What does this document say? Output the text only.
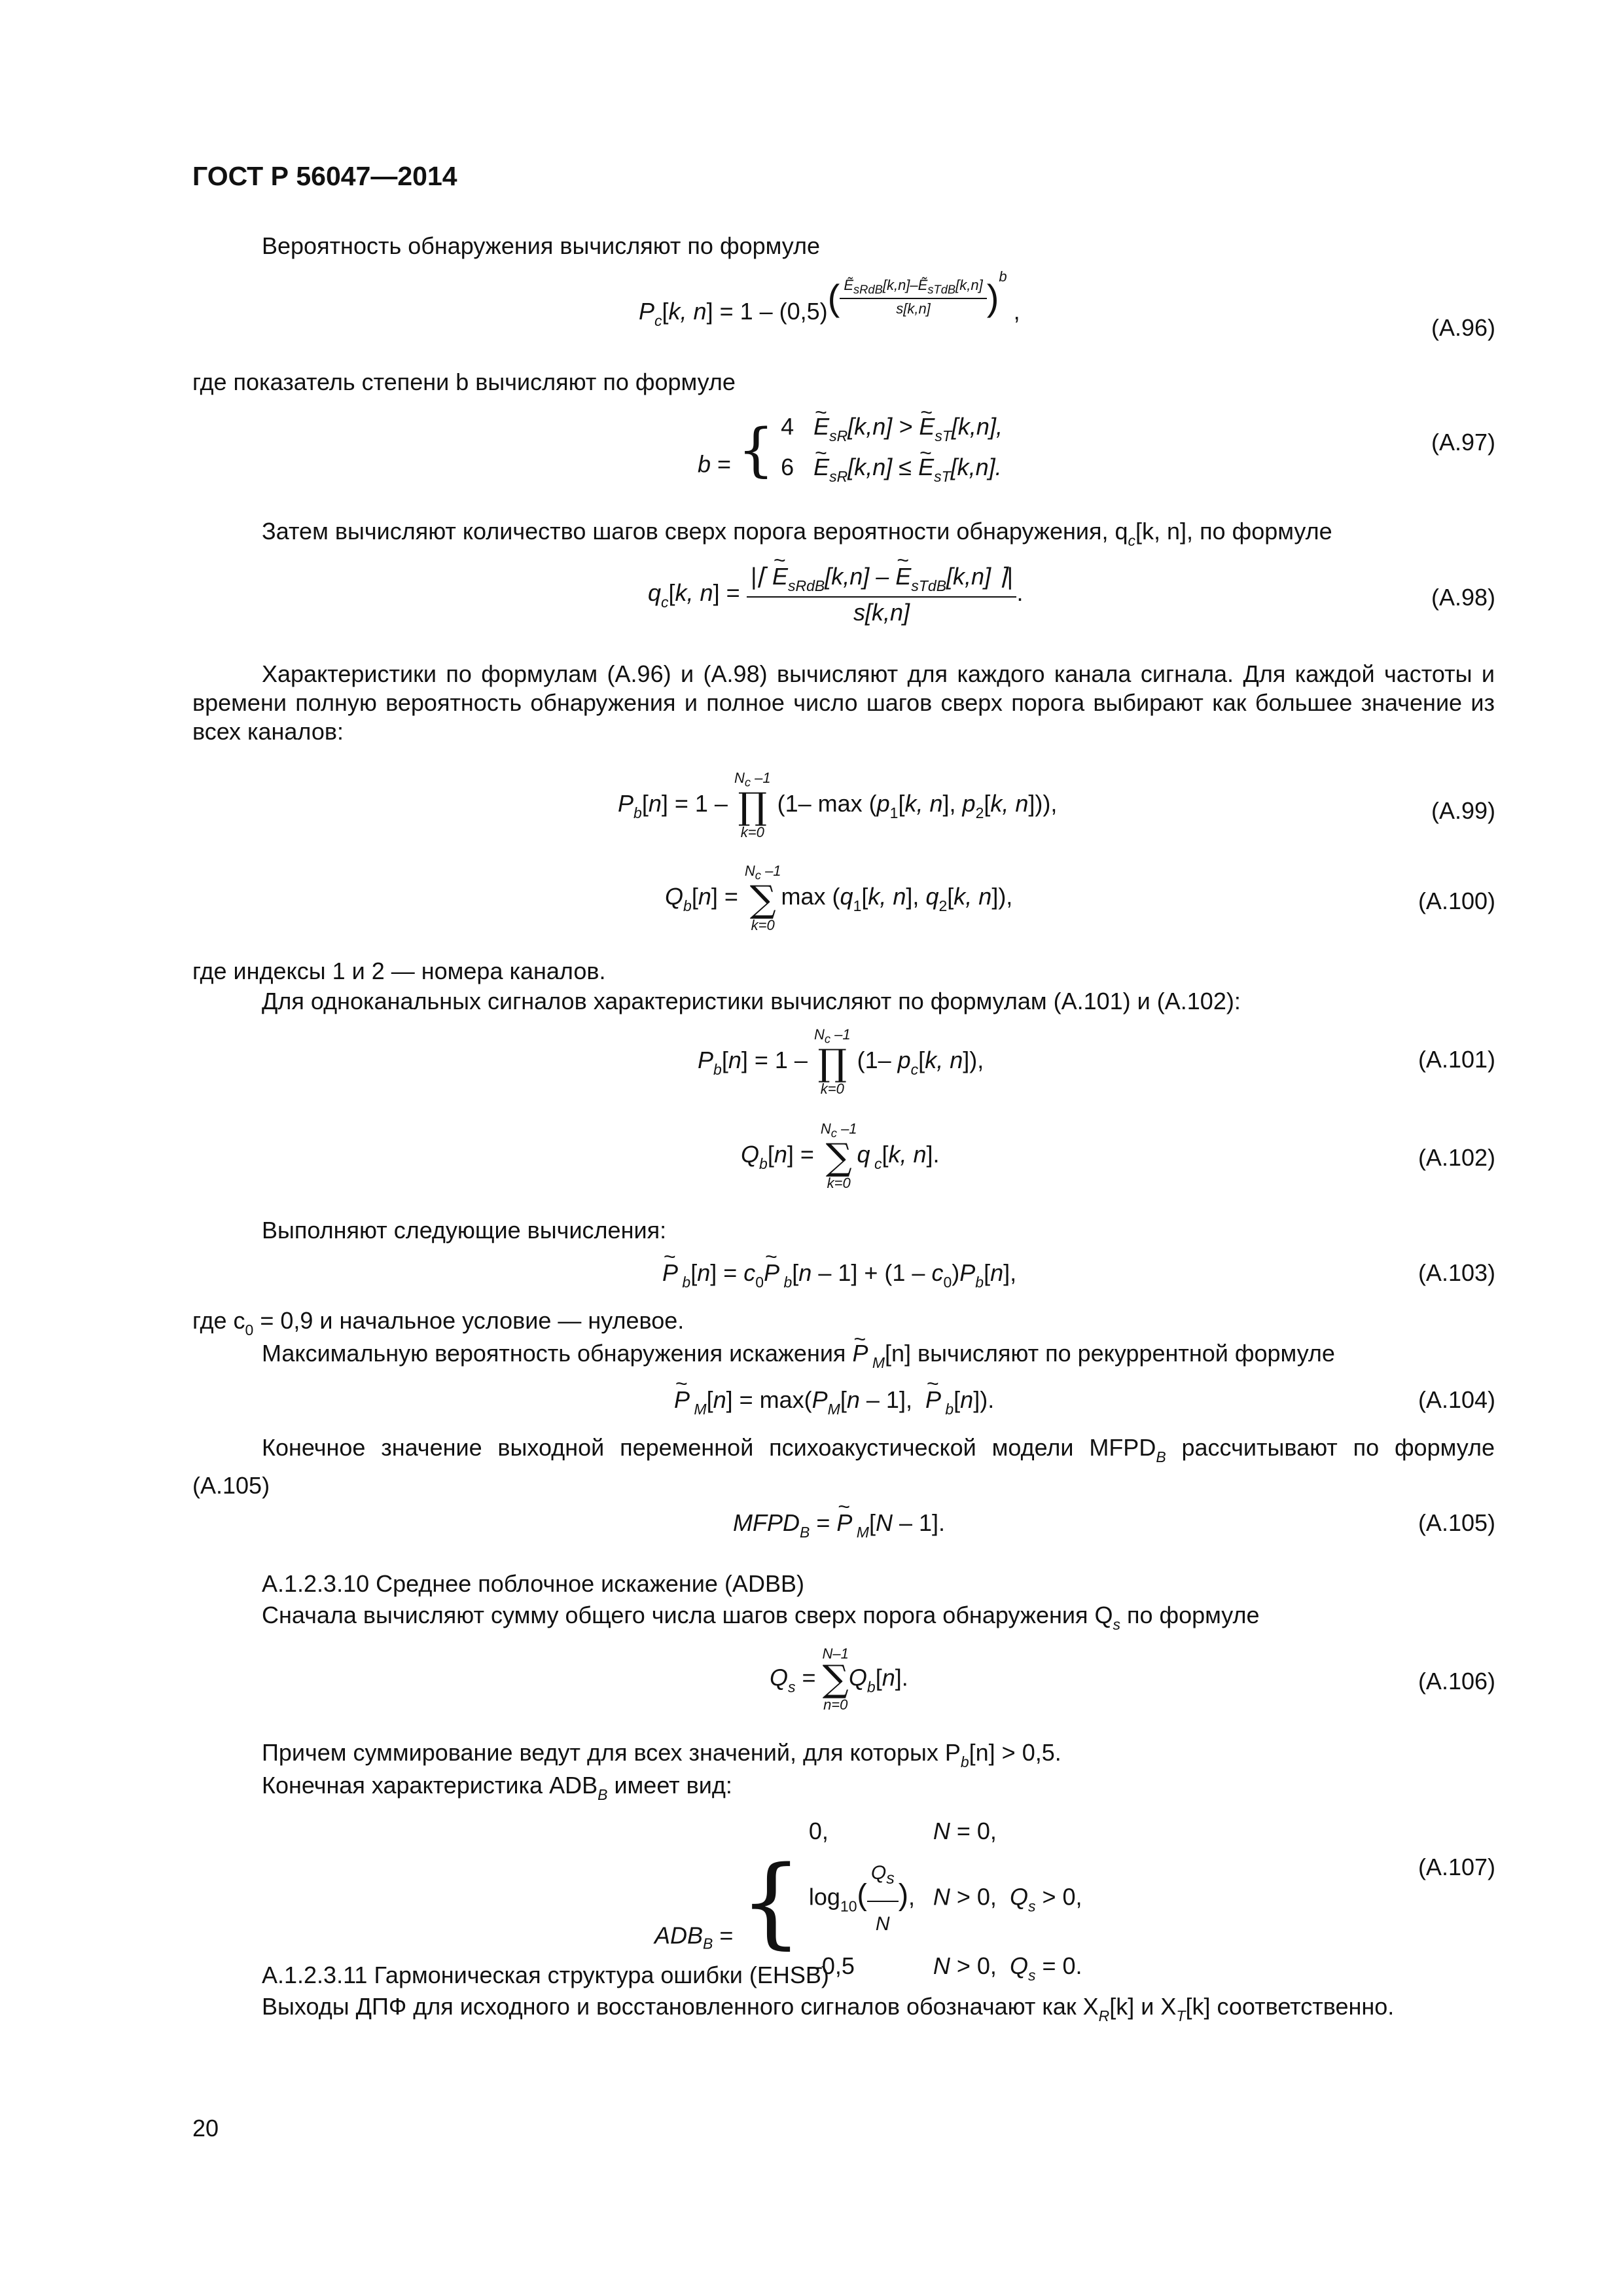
ГОСТ Р 56047—2014
Вероятность обнаружения вычисляют по формуле
$P_c[k$, $n] = 1 - (0,5)( \frac{Ẽ_{sRdB}[k,n]-Ẽ_{sTdB}[k,n]}{s[k,n]} )b$ ,
(А.96)
где показатель степени b вычисляют по формуле
b = { 4   ~ $E_{sR}[k,n]$ > ~ $E_{sT}[k,n]$,
6   ~ $E_{sR}[k,n]$ ≤ ~ $E_{sT}[k,n]$.
(А.97)
Затем вычисляют количество шагов сверх порога вероятности обнаружения, $q_c[k$, n], по формуле
$q_c[k$, $n] = \frac{|⌈ \sim E_{sRdB}[k,n] - \sim E_{sTdB}[k,n] ⌉|}{s[k,n]}$ .	(А.98)
Характеристики по формулам (А.96) и (А.98) вычисляют для каждого канала сигнала. Для каждой частоты и времени полную вероятность обнаружения и полное число шагов сверх порога выбирают как большее значение из всех каналов:
$P_b[n] = 1$ –
$N_c$ –1
∏
k=0
(1– $\max (p_1[k$, n], $p_2[k$, n])),	(А.99)
$Q_b[n]$ =
$N_c$ –1
∑
k=0
$\max (q_1[k$, n], $q_2[k$, n]),	(А.100)
где индексы 1 и 2 — номера каналов.
Для одноканальных сигналов характеристики вычисляют по формулам (А.101) и (А.102):
$P_b[n] = 1$ –
$N_c$ –1
∏
k=0
(1– $p_c[k$, n]),	(А.101)
$Q_b[n]$ =
$N_c$ –1
∑
k=0
q $_c$[k, n].	(А.102)
Выполняют следующие вычисления:
~ P $_b[n] = c_0\sim$ P $_b[n - 1] + (1 - c_0)P_b[n]$,	(А.103)
где $c_0 = 0,9$ и начальное условие — нулевое.
Максимальную вероятность обнаружения искажения ~ P $_M$[n] вычисляют по рекуррентной формуле
~ P $_M[n] = \max(P_M[n - 1]$,  ~ P $_b$[n]).	(А.104)
Конечное значение выходной переменной психоакустической модели $MFPD_B$ рассчитывают по формуле (А.105)
$MFPD_B$ = ~ P $_M$[N – 1].	(А.105)
А.1.2.3.10 Среднее поблочное искажение (ADBB)
Сначала вычисляют сумму общего числа шагов сверх порога обнаружения $Q_s$ по формуле
$Q_s$ =
N–1
∑
n=0
$Q_b[n]$.	(А.106)
Причем суммирование ведут для всех значений, для которых $P_b[n] > 0,5$.
Конечная характеристика $ADB_B$ имеет вид:
$ADB_B$ = { 0,	N = 0,
$\log_{10}( \frac{Q_s}{N}$ ), N > 0,  $Q_s > 0$,
–0,5	N > 0,  $Q_s = 0$.
(А.107)
А.1.2.3.11 Гармоническая структура ошибки (EHSB)
Выходы ДПФ для исходного и восстановленного сигналов обозначают как $X_R[k]$ и $X_T[k]$ соответственно.
20
